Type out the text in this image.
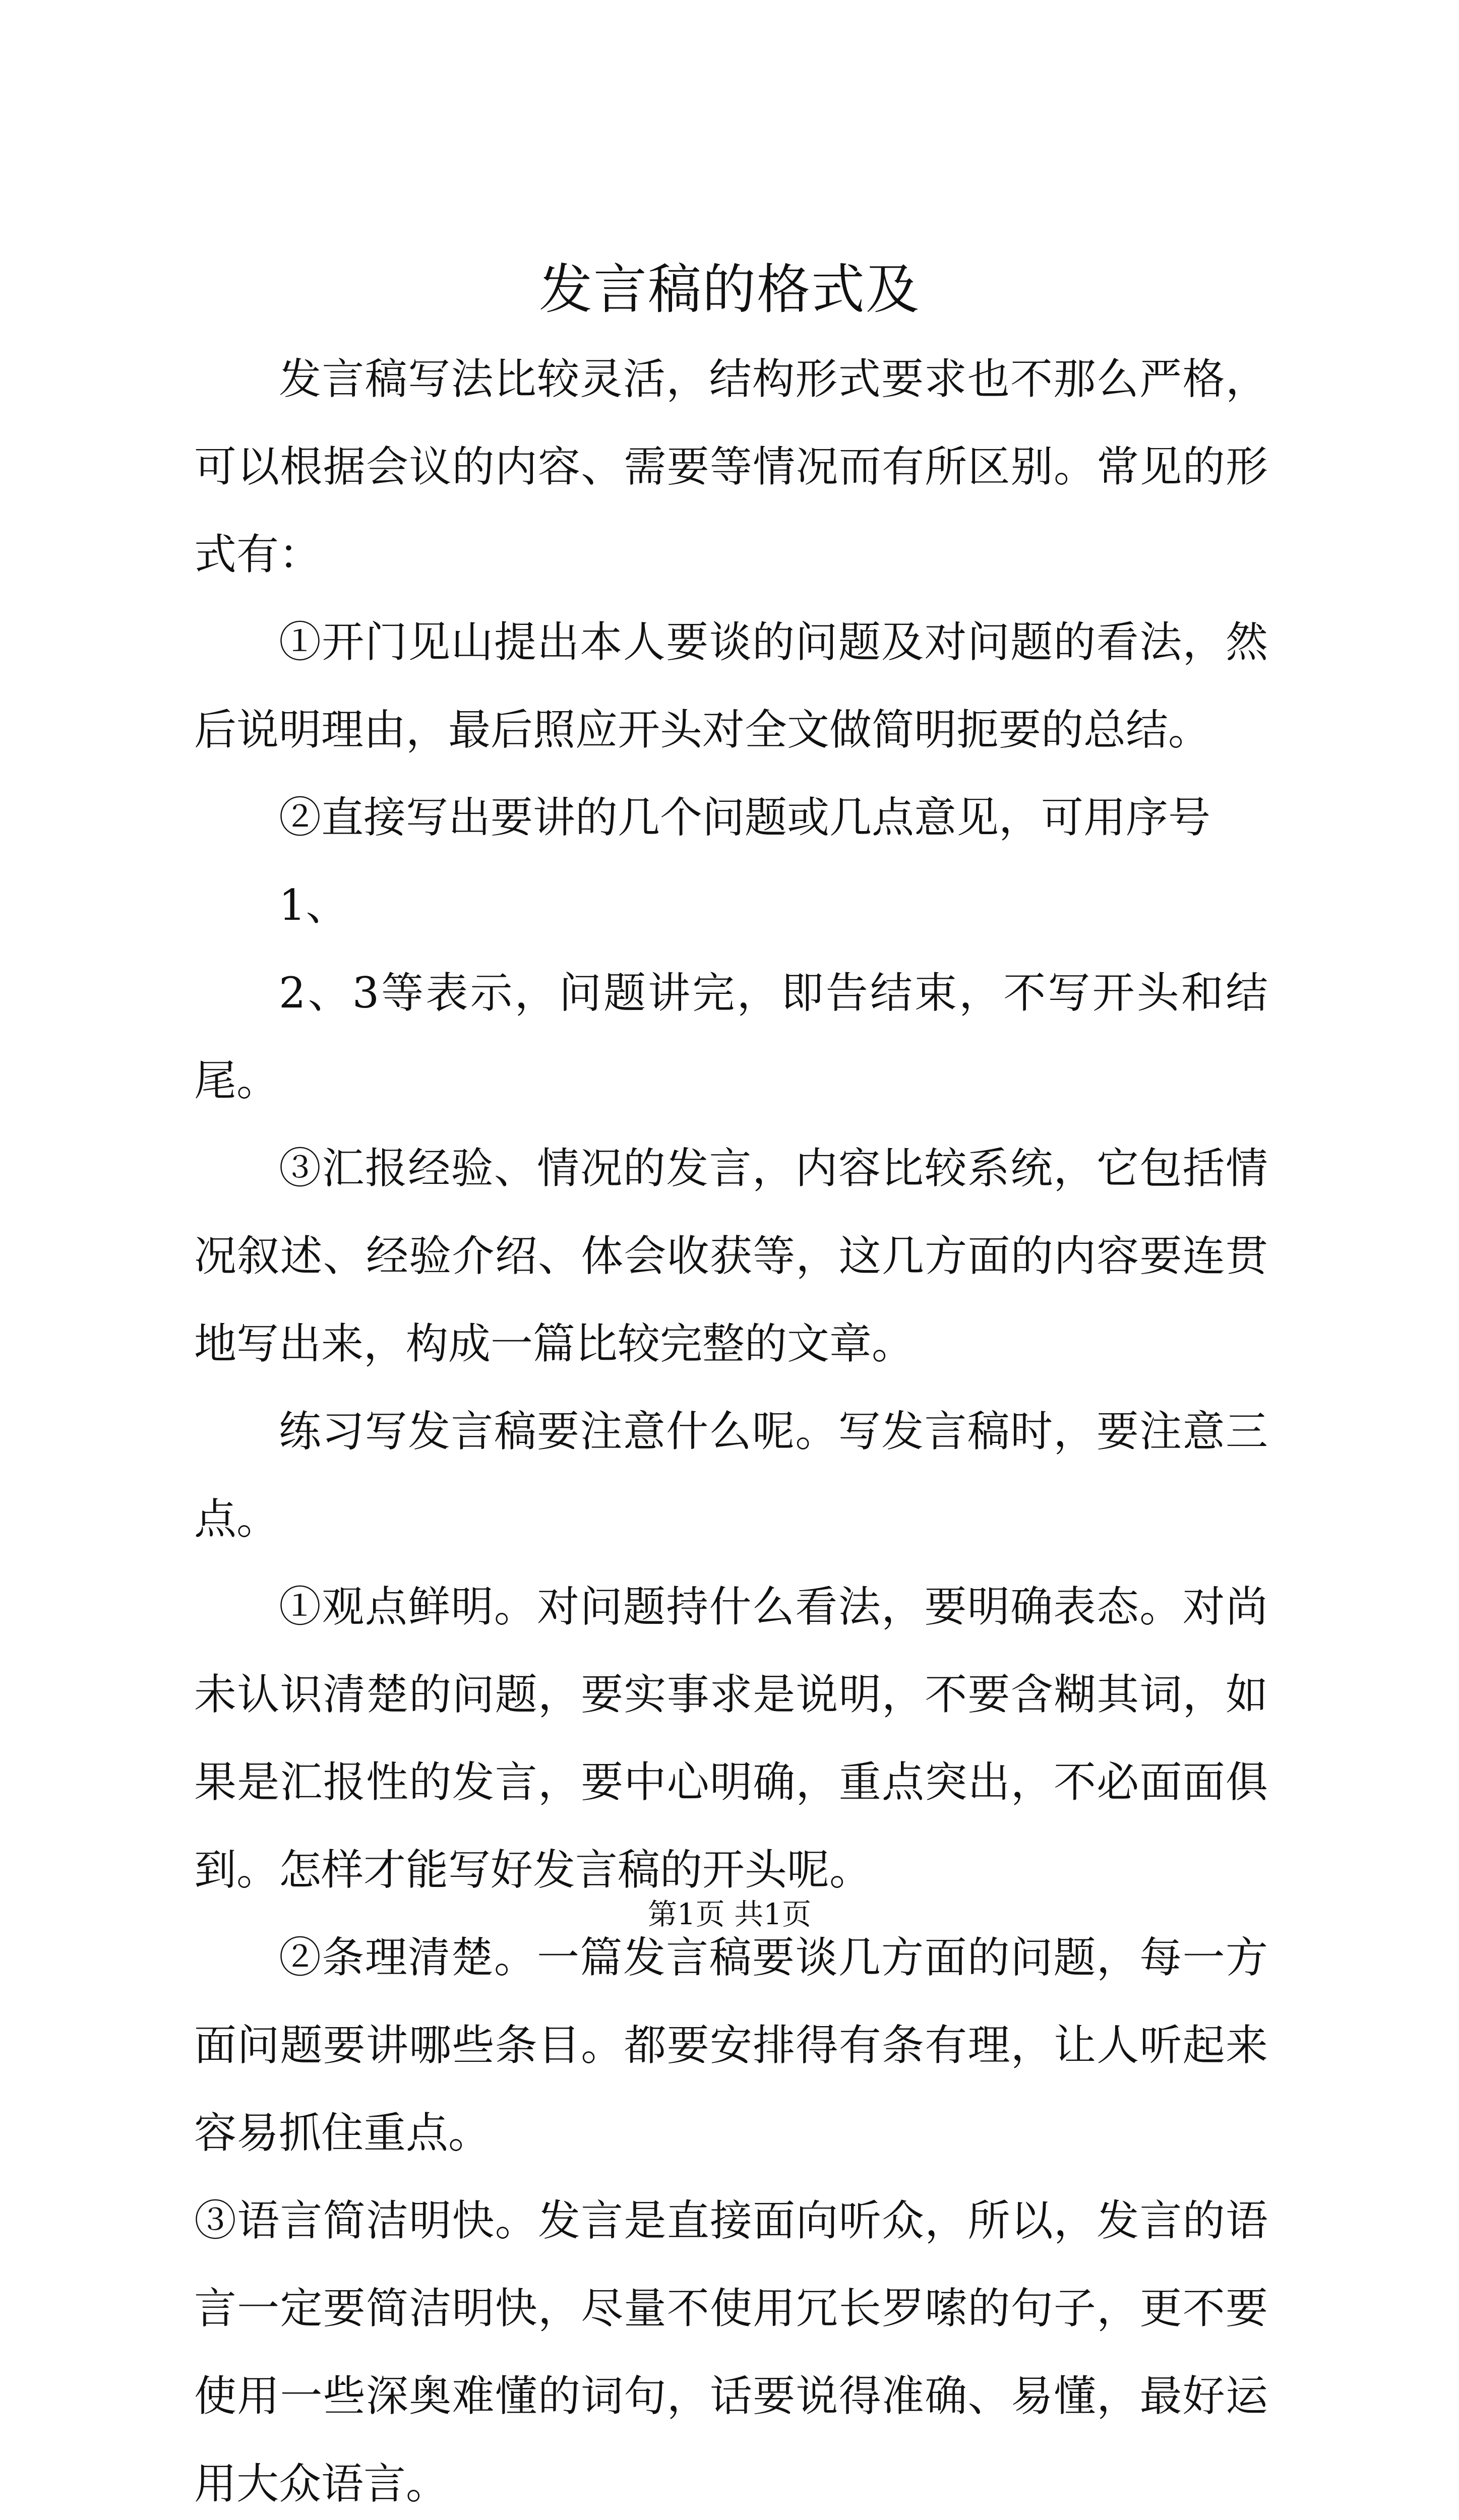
发言稿的格式及

发言稿写法比较灵活，结构形式要求也不那么严格，可以根据会议的内容、需要等情况而有所区别。常见的形式有：

①开门见山提出本人要谈的问题及对问题的看法，然后说明理由，最后照应开头对全文做简明扼要的总结。

②直接写出要讲的几个问题或几点意见，可用序号

1、

2、3等表示，问题讲完，即告结束，不写开头和结尾。

③汇报经验、情况的发言，内容比较系统，它包括情况叙述、经验介绍、体会收获等，这几方面的内容要连贯地写出来，构成一篇比较完整的文章。

练习写发言稿要注意什么呢。写发言稿时，要注意三点。

①观点鲜明。对问题持什么看法，要明确表态。对尚未认识清楚的问题，要实事求是说明，不要含糊其词，如果是汇报性的发言，要中心明确，重点突出，不必面面俱到。怎样才能写好发言稿的开头呢。

②条理清楚。一篇发言稿要谈几方面的问题，每一方面问题要讲哪些条目。都要安排得有条有理，让人听起来容易抓住重点。

③语言简洁明快。发言是直接面向听众，所以，发言的语言一定要简洁明快，尽量不使用冗长罗嗦的句子，更不要使用一些深奥难懂的词句，话要说得准确、易懂，最好运用大众语言。

第1页 共1页
